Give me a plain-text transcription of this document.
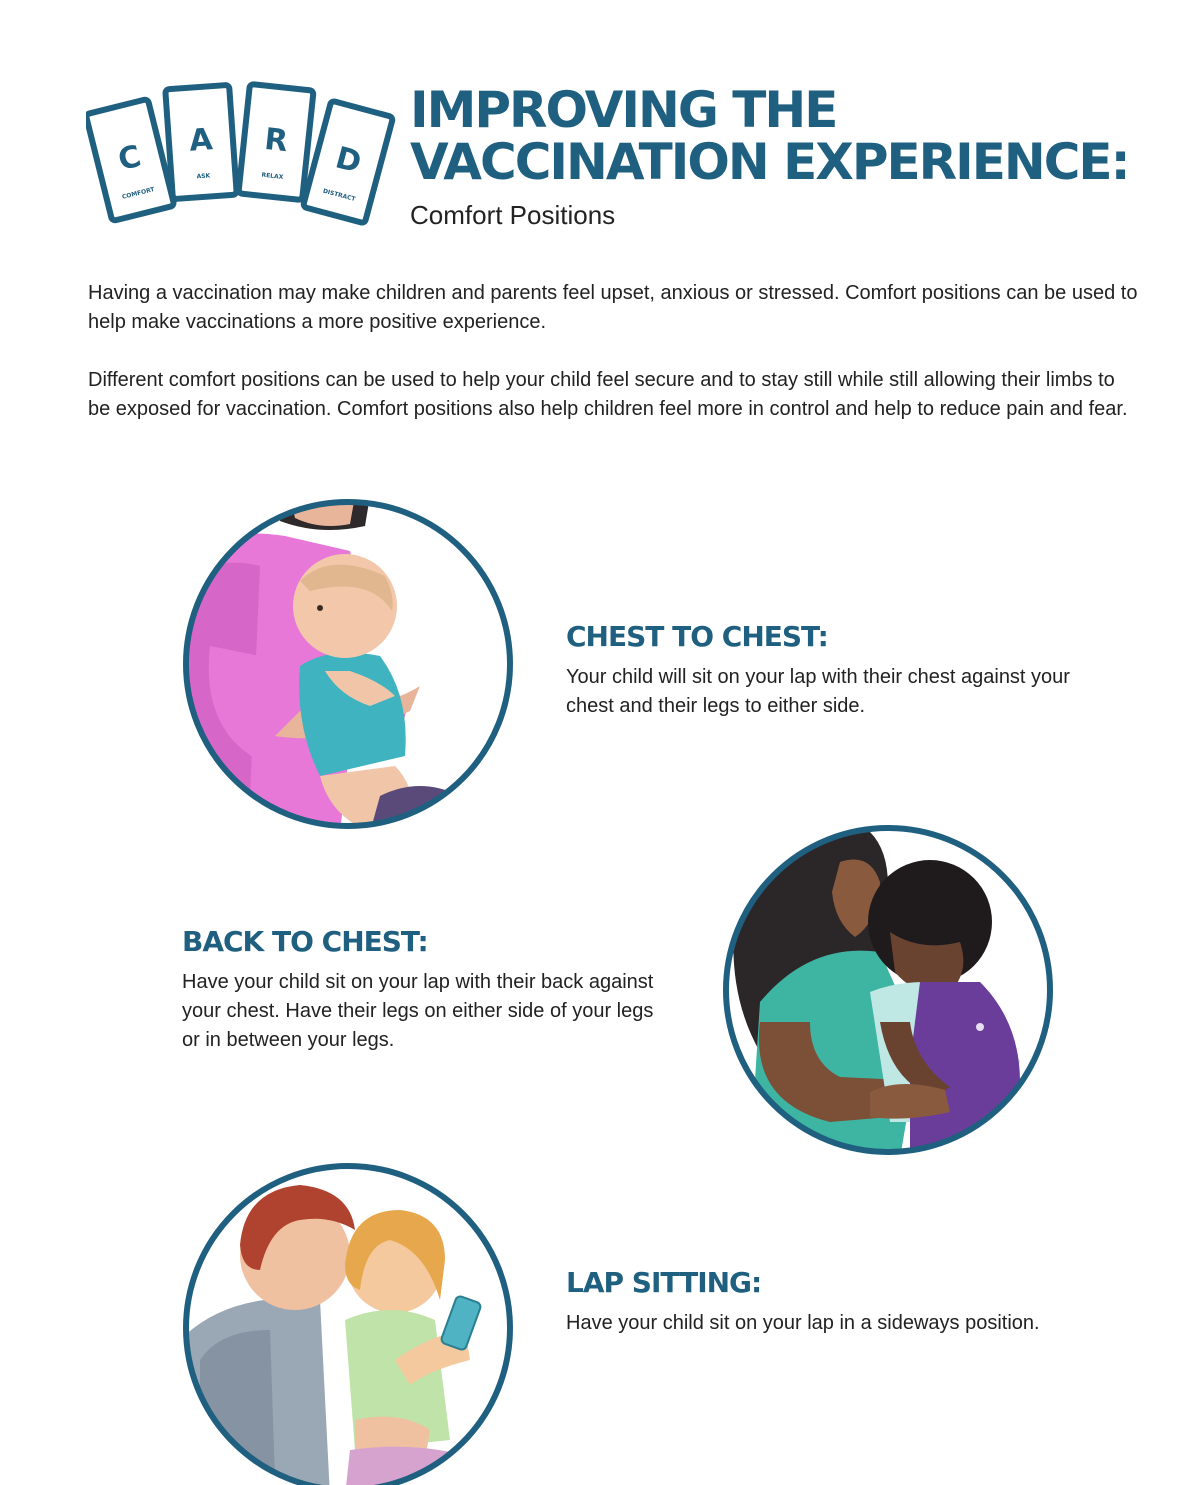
C
COMFORT
A
ASK
R
RELAX D
DISTRACT
IMPROVING THE
VACCINATION EXPERIENCE:
Comfort Positions

Having a vaccination may make children and parents feel upset, anxious or stressed. Comfort positions can be used to help make vaccinations a more positive experience.

Different comfort positions can be used to help your child feel secure and to stay still while still allowing their limbs to be exposed for vaccination. Comfort positions also help children feel more in control and help to reduce pain and fear.

CHEST TO CHEST:
Your child will sit on your lap with their chest against your chest and their legs to either side.
BACK TO CHEST:
Have your child sit on your lap with their back against your chest. Have their legs on either side of your legs or in between your legs.
LAP SITTING:
Have your child sit on your lap in a sideways position.
